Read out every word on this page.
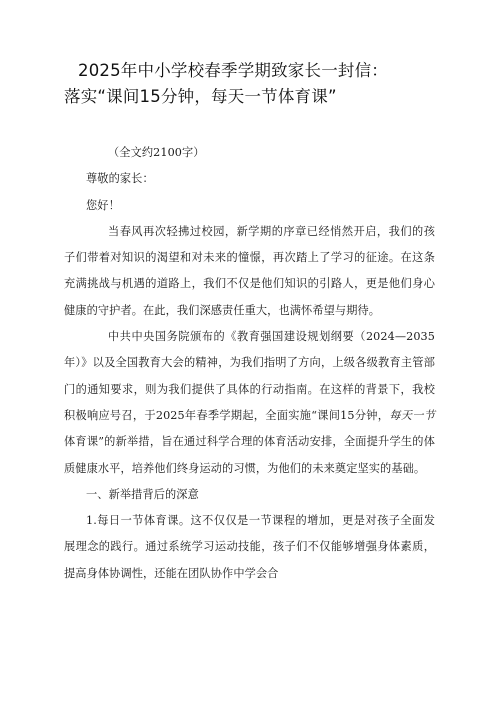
2025年中小学校春季学期致家长一封信：
落实“课间15分钟，每天一节体育课”

（全文约2100字）

尊敬的家长：

您好！

当春风再次轻拂过校园，新学期的序章已经悄然开启，我们的孩子们带着对知识的渴望和对未来的憧憬，再次踏上了学习的征途。在这条充满挑战与机遇的道路上，我们不仅是他们知识的引路人，更是他们身心健康的守护者。在此，我们深感责任重大，也满怀希望与期待。

中共中央国务院颁布的《教育强国建设规划纲要（2024—2035年）》以及全国教育大会的精神，为我们指明了方向，上级各级教育主管部门的通知要求，则为我们提供了具体的行动指南。在这样的背景下，我校积极响应号召，于2025年春季学期起，全面实施“课间15分钟，每天一节体育课”的新举措，旨在通过科学合理的体育活动安排，全面提升学生的体质健康水平，培养他们终身运动的习惯，为他们的未来奠定坚实的基础。

一、新举措背后的深意

1.每日一节体育课。这不仅仅是一节课程的增加，更是对孩子全面发展理念的践行。通过系统学习运动技能，孩子们不仅能够增强身体素质，提高身体协调性，还能在团队协作中学会合
